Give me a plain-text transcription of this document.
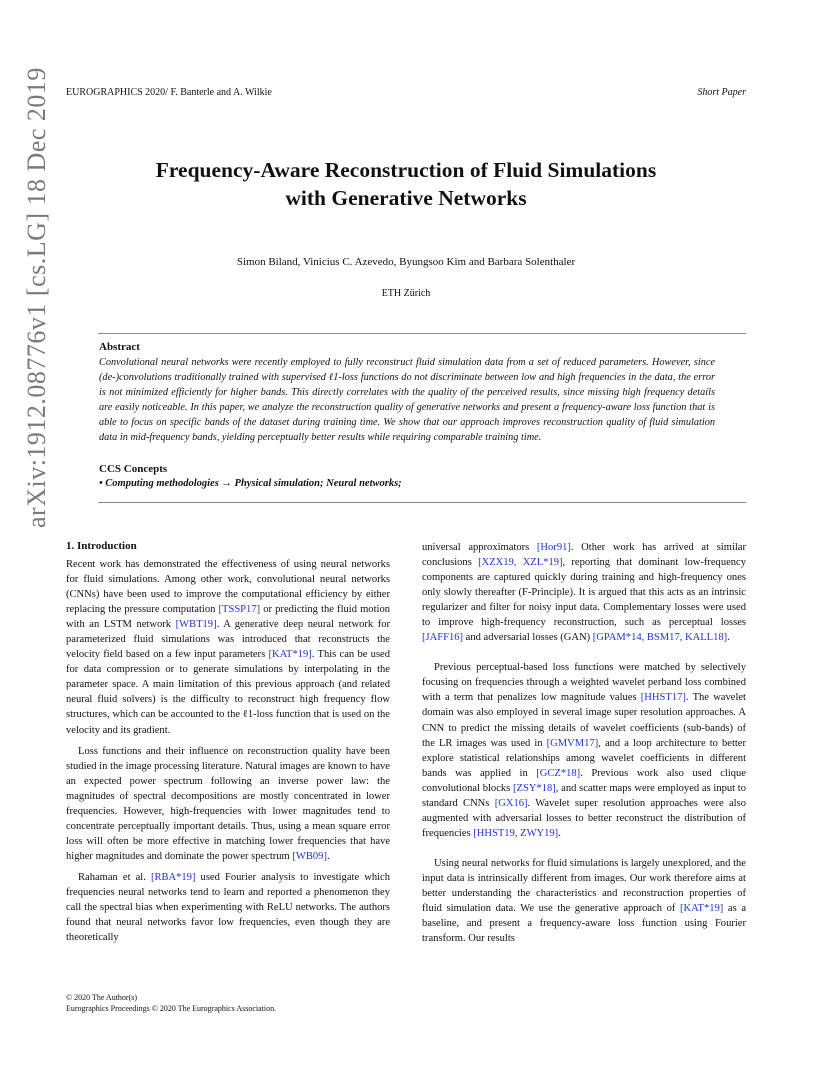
EUROGRAPHICS 2020/ F. Banterle and A. Wilkie	Short Paper
arXiv:1912.08776v1 [cs.LG] 18 Dec 2019	Frequency-Aware Reconstruction of Fluid Simulations
with Generative Networks
Simon Biland, Vinicius C. Azevedo, Byungsoo Kim and Barbara Solenthaler
ETH Zürich
Abstract
Convolutional neural networks were recently employed to fully reconstruct fluid simulation data from a set of reduced parameters. However, since (de-)convolutions traditionally trained with supervised ℓ1-loss functions do not discriminate between low and high frequencies in the data, the error is not minimized efficiently for higher bands. This directly correlates with the quality of the perceived results, since missing high frequency details are easily noticeable. In this paper, we analyze the reconstruction quality of generative networks and present a frequency-aware loss function that is able to focus on specific bands of the dataset during training time. We show that our approach improves reconstruction quality of fluid simulation data in mid-frequency bands, yielding perceptually better results while requiring comparable training time.
CCS Concepts
• Computing methodologies → Physical simulation; Neural networks;
1. Introduction

Recent work has demonstrated the effectiveness of using neural networks for fluid simulations. Among other work, convolutional neural networks (CNNs) have been used to improve the computational efficiency by either replacing the pressure computation [TSSP17] or predicting the fluid motion with an LSTM network [WBT19]. A generative deep neural network for parameterized fluid simulations was introduced that reconstructs the velocity field based on a few input parameters [KAT*19]. This can be used for data compression or to generate simulations by interpolating in the parameter space. A main limitation of this previous approach (and related neural fluid solvers) is the difficulty to reconstruct high frequency flow structures, which can be accounted to the ℓ1-loss function that is used on the velocity and its gradient.

Loss functions and their influence on reconstruction quality have been studied in the image processing literature. Natural images are known to have an expected power spectrum following an inverse power law: the magnitudes of spectral decompositions are mostly concentrated in lower frequencies. However, high-frequencies with lower magnitudes tend to concentrate perceptually important details. Thus, using a mean square error loss will often be more effective in matching lower frequencies that have higher magnitudes and dominate the power spectrum [WB09].

Rahaman et al. [RBA*19] used Fourier analysis to investigate which frequencies neural networks tend to learn and reported a phenomenon they call the spectral bias when experimenting with ReLU networks. The authors found that neural networks favor low frequencies, even though they are theoretically

universal approximators [Hor91]. Other work has arrived at similar conclusions [XZX19, XZL*19], reporting that dominant low-frequency components are captured quickly during training and high-frequency ones only slowly thereafter (F-Principle). It is argued that this acts as an intrinsic regularizer and filter for noisy input data. Complementary losses were used to improve high-frequency reconstruction, such as perceptual losses [JAFF16] and adversarial losses (GAN) [GPAM*14, BSM17, KALL18].

Previous perceptual-based loss functions were matched by selectively focusing on frequencies through a weighted wavelet perband loss combined with a term that penalizes low magnitude values [HHST17]. The wavelet domain was also employed in several image super resolution approaches. A CNN to predict the missing details of wavelet coefficients (sub-bands) of the LR images was used in [GMVM17], and a loop architecture to better explore statistical relationships among wavelet coefficients in different bands was applied in [GCZ*18]. Previous work also used clique convolutional blocks [ZSY*18], and scatter maps were employed as input to standard CNNs [GX16]. Wavelet super resolution approaches were also augmented with adversarial losses to better reconstruct the distribution of frequencies [HHST19, ZWY19].

Using neural networks for fluid simulations is largely unexplored, and the input data is intrinsically different from images. Our work therefore aims at better understanding the characteristics and reconstruction properties of fluid simulation data. We use the generative approach of [KAT*19] as a baseline, and present a frequency-aware loss function using Fourier transform. Our results

© 2020 The Author(s)
Eurographics Proceedings © 2020 The Eurographics Association.
